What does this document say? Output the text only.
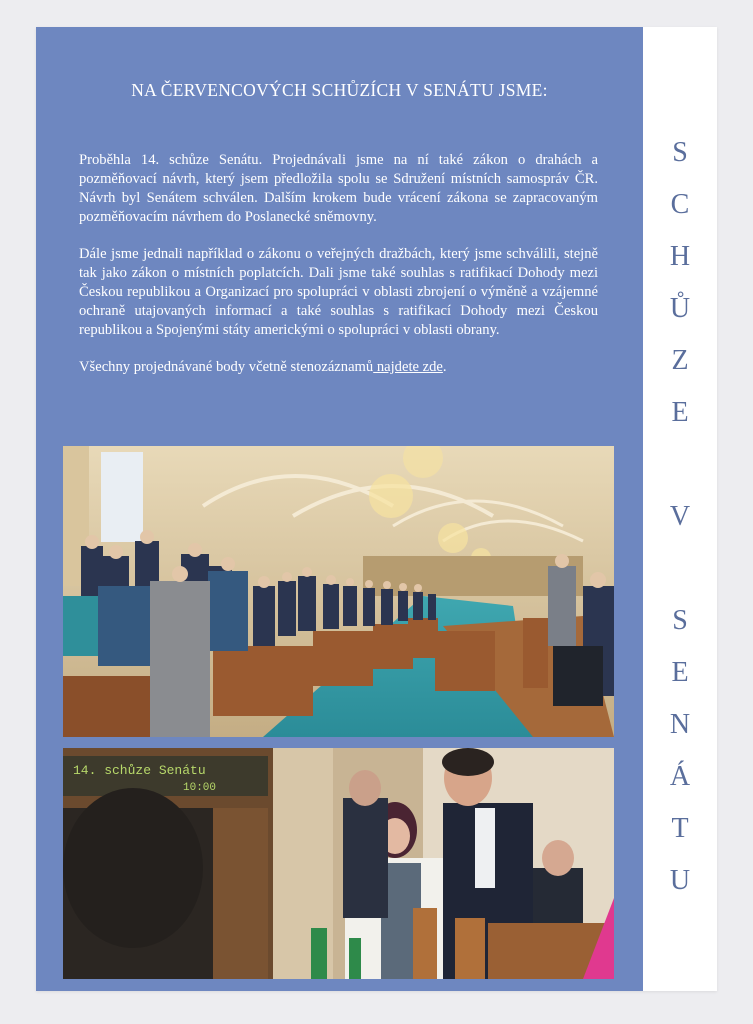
NA ČERVENCOVÝCH SCHŮZÍCH V SENÁTU JSME:

Proběhla 14. schůze Senátu. Projednávali jsme na ní také zákon o drahách a pozměňovací návrh, který jsem předložila spolu se Sdružení místních samospráv ČR. Návrh byl Senátem schválen. Dalším krokem bude vrácení zákona se zapracovaným pozměňovacím návrhem do Poslanecké sněmovny.

Dále jsme jednali například o zákonu o veřejných dražbách, který jsme schválili, stejně tak jako zákon o místních poplatcích. Dali jsme také souhlas s ratifikací Dohody mezi Českou republikou a Organizací pro spolupráci v oblasti zbrojení o výměně a vzájemné ochraně utajovaných informací a také souhlas s ratifikací Dohody mezi Českou republikou a Spojenými státy americkými o spolupráci v oblasti obrany.

Všechny projednávané body včetně stenozáznamů najdete zde.

14. schůze Senátu
10:00
S
C
H
Ů
Z
E
V
S
E
N
Á
T
U
